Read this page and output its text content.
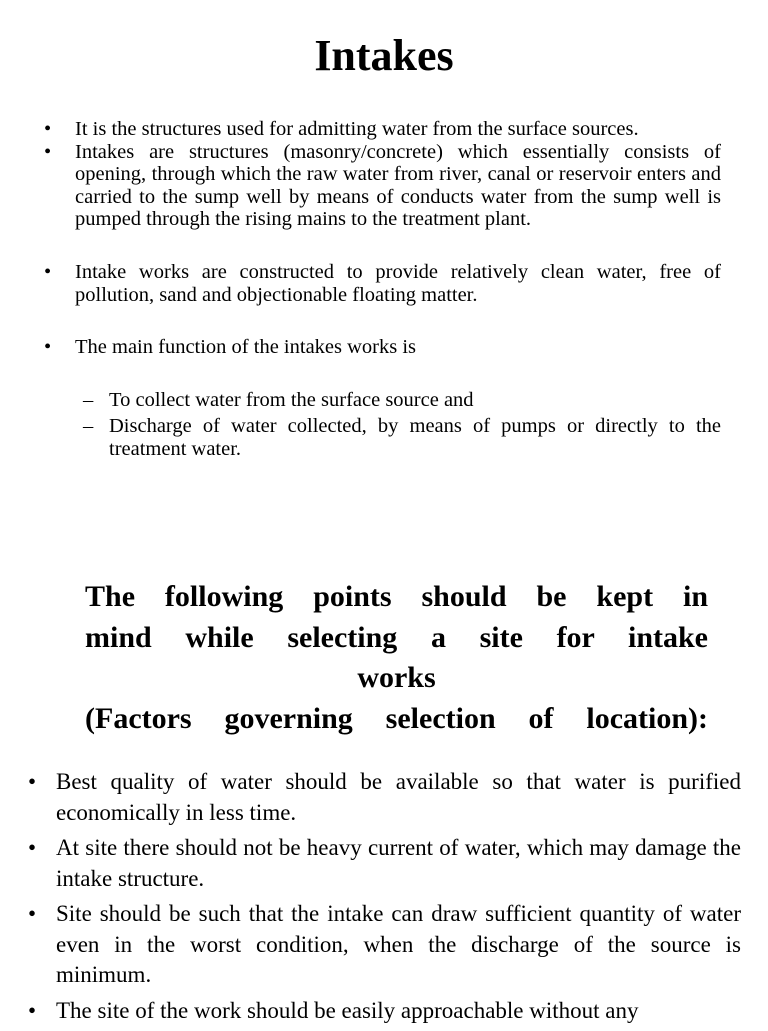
Intakes
• It is the structures used for admitting water from the surface sources.
• Intakes are structures (masonry/concrete) which essentially consists of opening, through which the raw water from river, canal or reservoir enters and carried to the sump well by means of conducts water from the sump well is pumped through the rising mains to the treatment plant.
• Intake works are constructed to provide relatively clean water, free of pollution, sand and objectionable floating matter.
• The main function of the intakes works is
– To collect water from the surface source and
– Discharge of water collected, by means of pumps or directly to the treatment water.
The following points should be kept in
mind while selecting a site for intake
works
(Factors governing selection of location):
• Best quality of water should be available so that water is purified economically in less time.
• At site there should not be heavy current of water, which may damage the intake structure.
• Site should be such that the intake can draw sufficient quantity of water even in the worst condition, when the discharge of the source is minimum.
• The site of the work should be easily approachable without any
